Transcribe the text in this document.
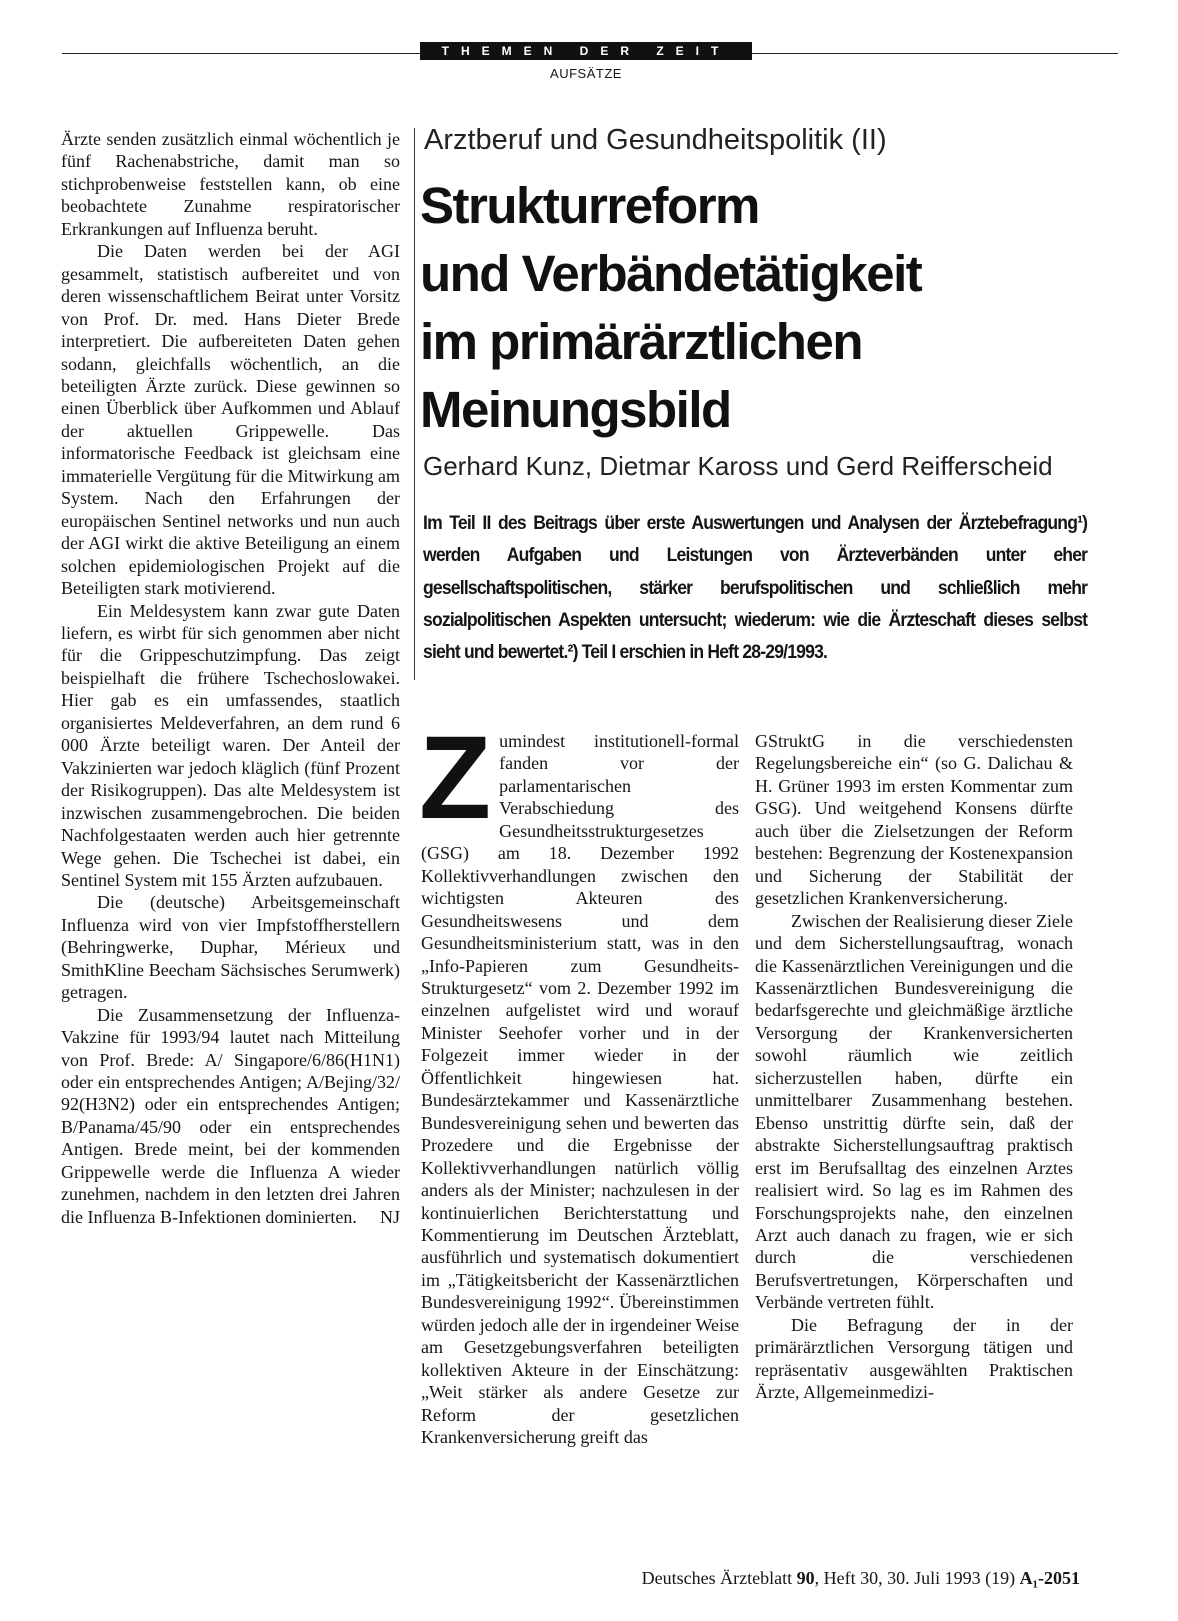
THEMEN DER ZEIT
AUFSÄTZE

Ärzte senden zusätzlich einmal wöchentlich je fünf Rachenabstriche, damit man so stichprobenweise feststellen kann, ob eine beobachtete Zunahme respiratorischer Erkrankungen auf Influenza beruht.

Die Daten werden bei der AGI gesammelt, statistisch aufbereitet und von deren wissenschaftlichem Beirat unter Vorsitz von Prof. Dr. med. Hans Dieter Brede interpretiert. Die aufbereiteten Daten gehen sodann, gleichfalls wöchentlich, an die beteiligten Ärzte zurück. Diese gewinnen so einen Überblick über Aufkommen und Ablauf der aktuellen Grippewelle. Das informatorische Feedback ist gleichsam eine immaterielle Vergütung für die Mitwirkung am System. Nach den Erfahrungen der europäischen Sentinel networks und nun auch der AGI wirkt die aktive Beteiligung an einem solchen epidemiologischen Projekt auf die Beteiligten stark motivierend.

Ein Meldesystem kann zwar gute Daten liefern, es wirbt für sich genommen aber nicht für die Grippeschutzimpfung. Das zeigt beispielhaft die frühere Tschechoslowakei. Hier gab es ein umfassendes, staatlich organisiertes Meldeverfahren, an dem rund 6 000 Ärzte beteiligt waren. Der Anteil der Vakzinierten war jedoch kläglich (fünf Prozent der Risikogruppen). Das alte Meldesystem ist inzwischen zusammengebrochen. Die beiden Nachfolgestaaten werden auch hier getrennte Wege gehen. Die Tschechei ist dabei, ein Sentinel System mit 155 Ärzten aufzubauen.

Die (deutsche) Arbeitsgemeinschaft Influenza wird von vier Impfstoffherstellern (Behringwerke, Duphar, Mérieux und SmithKline Beecham Sächsisches Serumwerk) getragen.

Die Zusammensetzung der Influenza-Vakzine für 1993/94 lautet nach Mitteilung von Prof. Brede: A/ Singapore/6/86(H1N1) oder ein entsprechendes Antigen; A/Bejing/32/ 92(H3N2) oder ein entsprechendes Antigen; B/Panama/45/90 oder ein entsprechendes Antigen. Brede meint, bei der kommenden Grippewelle werde die Influenza A wieder zunehmen, nachdem in den letzten drei Jahren die Influenza B-Infektionen dominierten. NJ

Arztberuf und Gesundheitspolitik (II)
Strukturreform
und Verbändetätigkeit
im primärärztlichen
Meinungsbild
Gerhard Kunz, Dietmar Kaross und Gerd Reifferscheid
Im Teil II des Beitrags über erste Auswertungen und Analysen der Ärztebefragung¹) werden Aufgaben und Leistungen von Ärzteverbänden unter eher gesellschaftspolitischen, stärker berufspolitischen und schließlich mehr sozialpolitischen Aspekten untersucht; wiederum: wie die Ärzteschaft dieses selbst sieht und bewertet.²) Teil I erschien in Heft 28-29/1993.

Zumindest institutionell-formal fanden vor der parlamentarischen Verabschiedung des Gesundheitsstrukturgesetzes (GSG) am 18. Dezember 1992 Kollektivverhandlungen zwischen den wichtigsten Akteuren des Gesundheitswesens und dem Gesundheitsministerium statt, was in den „Info-Papieren zum Gesundheits-Strukturgesetz“ vom 2. Dezember 1992 im einzelnen aufgelistet wird und worauf Minister Seehofer vorher und in der Folgezeit immer wieder in der Öffentlichkeit hingewiesen hat. Bundesärztekammer und Kassenärztliche Bundesvereinigung sehen und bewerten das Prozedere und die Ergebnisse der Kollektivverhandlungen natürlich völlig anders als der Minister; nachzulesen in der kontinuierlichen Berichterstattung und Kommentierung im Deutschen Ärzteblatt, ausführlich und systematisch dokumentiert im „Tätigkeitsbericht der Kassenärztlichen Bundesvereinigung 1992“. Übereinstimmen würden jedoch alle der in irgendeiner Weise am Gesetzgebungsverfahren beteiligten kollektiven Akteure in der Einschätzung: „Weit stärker als andere Gesetze zur Reform der gesetzlichen Krankenversicherung greift das

GStruktG in die verschiedensten Regelungsbereiche ein“ (so G. Dalichau & H. Grüner 1993 im ersten Kommentar zum GSG). Und weitgehend Konsens dürfte auch über die Zielsetzungen der Reform bestehen: Begrenzung der Kostenexpansion und Sicherung der Stabilität der gesetzlichen Krankenversicherung.

Zwischen der Realisierung dieser Ziele und dem Sicherstellungsauftrag, wonach die Kassenärztlichen Vereinigungen und die Kassenärztlichen Bundesvereinigung die bedarfsgerechte und gleichmäßige ärztliche Versorgung der Krankenversicherten sowohl räumlich wie zeitlich sicherzustellen haben, dürfte ein unmittelbarer Zusammenhang bestehen. Ebenso unstrittig dürfte sein, daß der abstrakte Sicherstellungsauftrag praktisch erst im Berufsalltag des einzelnen Arztes realisiert wird. So lag es im Rahmen des Forschungsprojekts nahe, den einzelnen Arzt auch danach zu fragen, wie er sich durch die verschiedenen Berufsvertretungen, Körperschaften und Verbände vertreten fühlt.

Die Befragung der in der primärärztlichen Versorgung tätigen und repräsentativ ausgewählten Praktischen Ärzte, Allgemeinmedizi-

Deutsches Ärzteblatt 90, Heft 30, 30. Juli 1993 (19) A₁-2051
